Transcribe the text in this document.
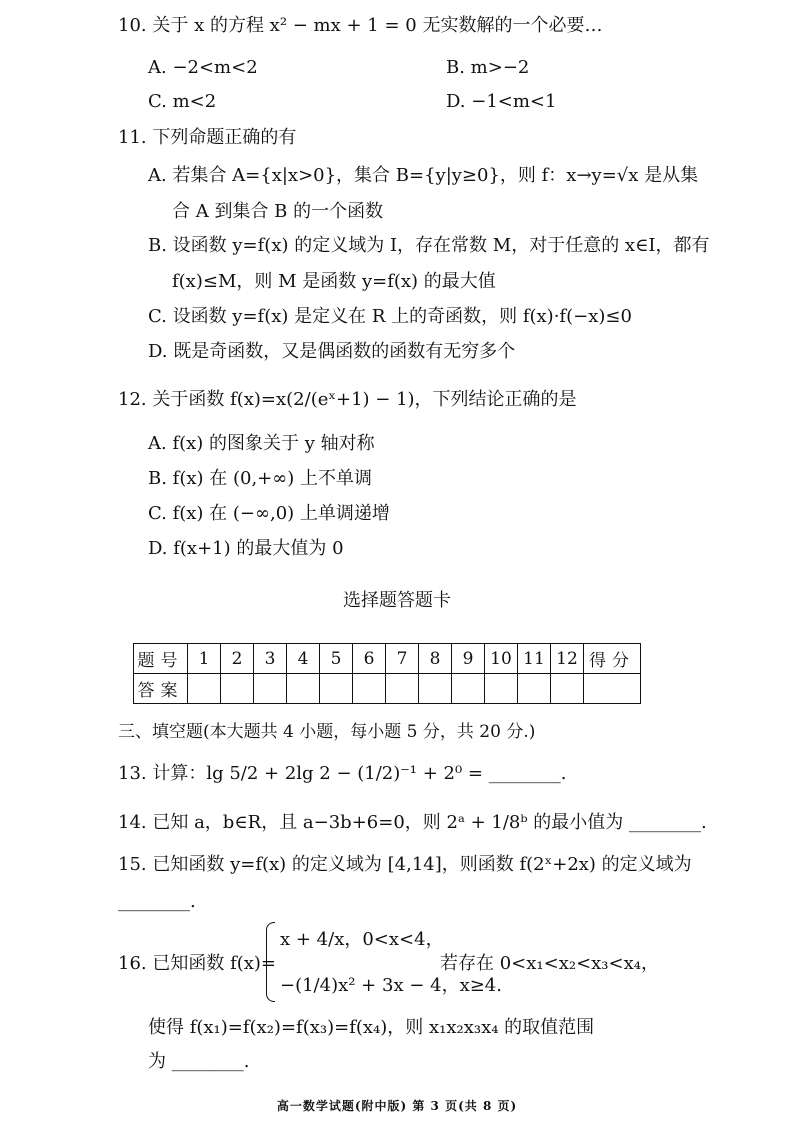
10. 关于 x 的方程 x² − mx + 1 = 0 无实数解的一个必要…
A. −2<m<2	B. m>−2
C. m<2	D. −1<m<1
11. 下列命题正确的有
A. 若集合 A={x|x>0}，集合 B={y|y≥0}，则 f：x→y=√x 是从集
合 A 到集合 B 的一个函数
B. 设函数 y=f(x) 的定义域为 I，存在常数 M，对于任意的 x∈I，都有
f(x)≤M，则 M 是函数 y=f(x) 的最大值
C. 设函数 y=f(x) 是定义在 R 上的奇函数，则 f(x)·f(−x)≤0
D. 既是奇函数，又是偶函数的函数有无穷多个
12. 关于函数 f(x)=x(2/(eˣ+1) − 1)，下列结论正确的是
A. f(x) 的图象关于 y 轴对称
B. f(x) 在 (0,+∞) 上不单调
C. f(x) 在 (−∞,0) 上单调递增
D. f(x+1) 的最大值为 0
选择题答题卡
题号	1	2	3	4	5	6	7	8	9	10	11	12	得分
答案													
三、填空题(本大题共 4 小题，每小题 5 分，共 20 分.)
13. 计算：lg 5/2 + 2lg 2 − (1/2)⁻¹ + 2⁰ = ________.
14. 已知 a，b∈R，且 a−3b+6=0，则 2ᵃ + 1/8ᵇ 的最小值为 ________.
15. 已知函数 y=f(x) 的定义域为 [4,14]，则函数 f(2ˣ+2x) 的定义域为
________.
16. 已知函数 f(x)=
x + 4/x，0<x<4，
−(1/4)x² + 3x − 4，x≥4.
若存在 0<x₁<x₂<x₃<x₄，
使得 f(x₁)=f(x₂)=f(x₃)=f(x₄)，则 x₁x₂x₃x₄ 的取值范围
为 ________.
高一数学试题(附中版) 第 3 页(共 8 页)
